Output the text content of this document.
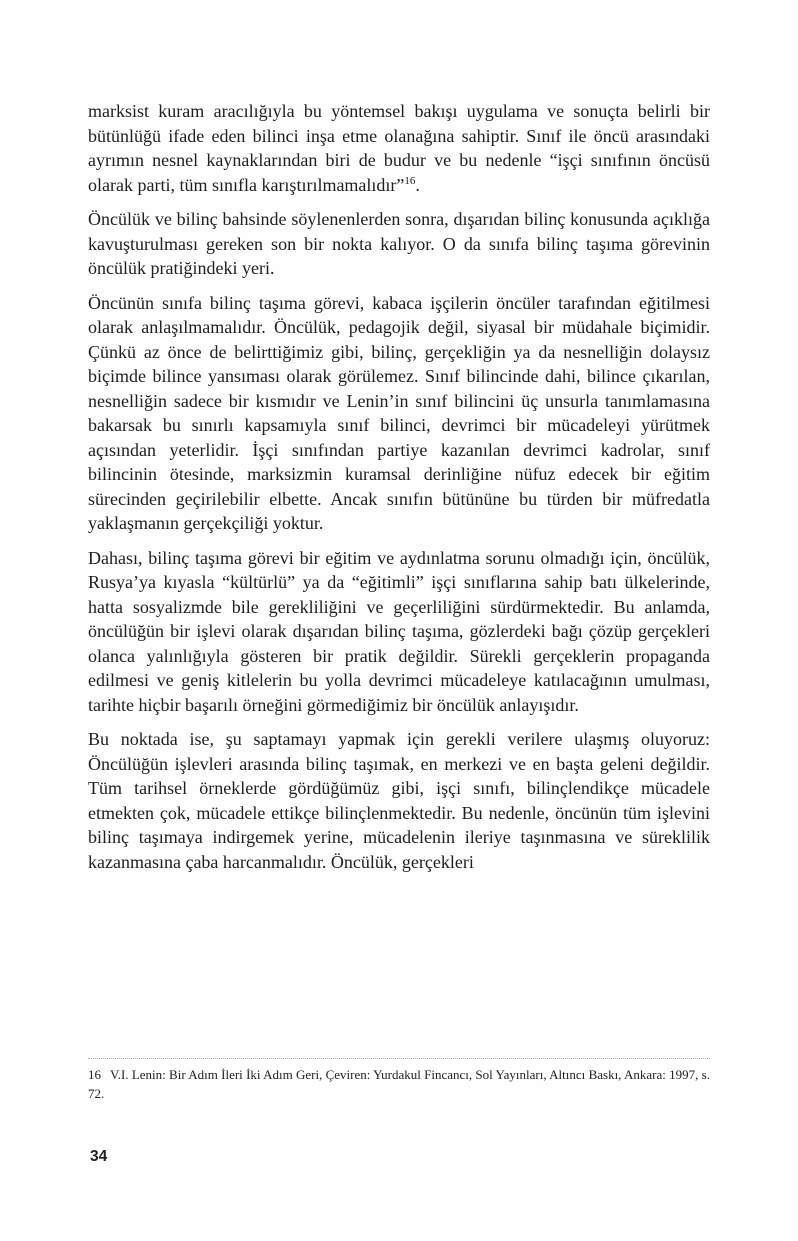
marksist kuram aracılığıyla bu yöntemsel bakışı uygulama ve sonuçta belirli bir bütünlüğü ifade eden bilinci inşa etme olanağına sahiptir. Sınıf ile öncü arasındaki ayrımın nesnel kaynaklarından biri de budur ve bu nedenle “işçi sınıfının öncüsü olarak parti, tüm sınıfla karıştırılmamalıdır”$^{16}$.

Öncülük ve bilinç bahsinde söylenenlerden sonra, dışarıdan bilinç konusunda açıklığa kavuşturulması gereken son bir nokta kalıyor. O da sınıfa bilinç taşıma görevinin öncülük pratiğindeki yeri.

Öncünün sınıfa bilinç taşıma görevi, kabaca işçilerin öncüler tarafından eğitilmesi olarak anlaşılmamalıdır. Öncülük, pedagojik değil, siyasal bir müdahale biçimidir. Çünkü az önce de belirttiğimiz gibi, bilinç, gerçekliğin ya da nesnelliğin dolaysız biçimde bilince yansıması olarak görülemez. Sınıf bilincinde dahi, bilince çıkarılan, nesnelliğin sadece bir kısmıdır ve Lenin’in sınıf bilincini üç unsurla tanımlamasına bakarsak bu sınırlı kapsamıyla sınıf bilinci, devrimci bir mücadeleyi yürütmek açısından yeterlidir. İşçi sınıfından partiye kazanılan devrimci kadrolar, sınıf bilincinin ötesinde, marksizmin kuramsal derinliğine nüfuz edecek bir eğitim sürecinden geçirilebilir elbette. Ancak sınıfın bütününe bu türden bir müfredatla yaklaşmanın gerçekçiliği yoktur.

Dahası, bilinç taşıma görevi bir eğitim ve aydınlatma sorunu olmadığı için, öncülük, Rusya’ya kıyasla “kültürlü” ya da “eğitimli” işçi sınıflarına sahip batı ülkelerinde, hatta sosyalizmde bile gerekliliğini ve geçerliliğini sürdürmektedir. Bu anlamda, öncülüğün bir işlevi olarak dışarıdan bilinç taşıma, gözlerdeki bağı çözüp gerçekleri olanca yalınlığıyla gösteren bir pratik değildir. Sürekli gerçeklerin propaganda edilmesi ve geniş kitlelerin bu yolla devrimci mücadeleye katılacağının umulması, tarihte hiçbir başarılı örneğini görmediğimiz bir öncülük anlayışıdır.

Bu noktada ise, şu saptamayı yapmak için gerekli verilere ulaşmış oluyoruz: Öncülüğün işlevleri arasında bilinç taşımak, en merkezi ve en başta geleni değildir. Tüm tarihsel örneklerde gördüğümüz gibi, işçi sınıfı, bilinçlendikçe mücadele etmekten çok, mücadele ettikçe bilinçlenmektedir. Bu nedenle, öncünün tüm işlevini bilinç taşımaya indirgemek yerine, mücadelenin ileriye taşınmasına ve süreklilik kazanmasına çaba harcanmalıdır. Öncülük, gerçekleri

16 V.I. Lenin: Bir Adım İleri İki Adım Geri, Çeviren: Yurdakul Fincancı, Sol Yayınları, Altıncı Baskı, Ankara: 1997, s. 72.

34
